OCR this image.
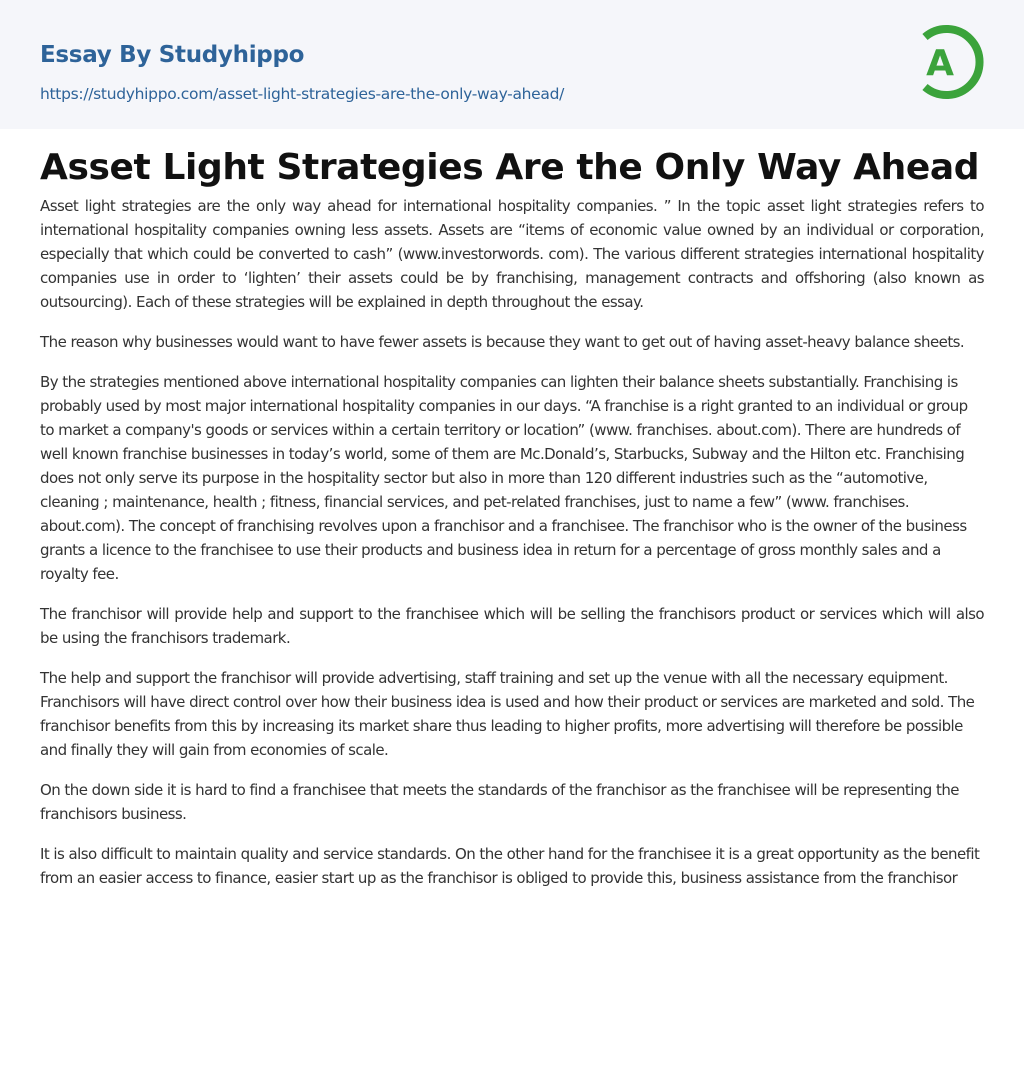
Essay By Studyhippo
https://studyhippo.com/asset-light-strategies-are-the-only-way-ahead/
A
Asset Light Strategies Are the Only Way Ahead

Asset light strategies are the only way ahead for international hospitality companies. ” In the topic asset light strategies refers to international hospitality companies owning less assets. Assets are “items of economic value owned by an individual or corporation, especially that which could be converted to cash” (www.investorwords. com). The various different strategies international hospitality companies use in order to ‘lighten’ their assets could be by franchising, management contracts and offshoring (also known as outsourcing). Each of these strategies will be explained in depth throughout the essay.

The reason why businesses would want to have fewer assets is because they want to get out of having asset-heavy balance sheets.

By the strategies mentioned above international hospitality companies can lighten their balance sheets substantially. Franchising is probably used by most major international hospitality companies in our days. “A franchise is a right granted to an individual or group to market a company's goods or services within a certain territory or location” (www. franchises. about.com). There are hundreds of well known franchise businesses in today’s world, some of them are Mc.Donald’s, Starbucks, Subway and the Hilton etc. Franchising does not only serve its purpose in the hospitality sector but also in more than 120 different industries such as the “automotive, cleaning ; maintenance, health ; fitness, financial services, and pet-related franchises, just to name a few” (www. franchises. about.com). The concept of franchising revolves upon a franchisor and a franchisee. The franchisor who is the owner of the business grants a licence to the franchisee to use their products and business idea in return for a percentage of gross monthly sales and a royalty fee.

The franchisor will provide help and support to the franchisee which will be selling the franchisors product or services which will also be using the franchisors trademark.

The help and support the franchisor will provide advertising, staff training and set up the venue with all the necessary equipment. Franchisors will have direct control over how their business idea is used and how their product or services are marketed and sold. The franchisor benefits from this by increasing its market share thus leading to higher profits, more advertising will therefore be possible and finally they will gain from economies of scale.

On the down side it is hard to find a franchisee that meets the standards of the franchisor as the franchisee will be representing the franchisors business.

It is also difficult to maintain quality and service standards. On the other hand for the franchisee it is a great opportunity as the benefit from an easier access to finance, easier start up as the franchisor is obliged to provide this, business assistance from the franchisor
